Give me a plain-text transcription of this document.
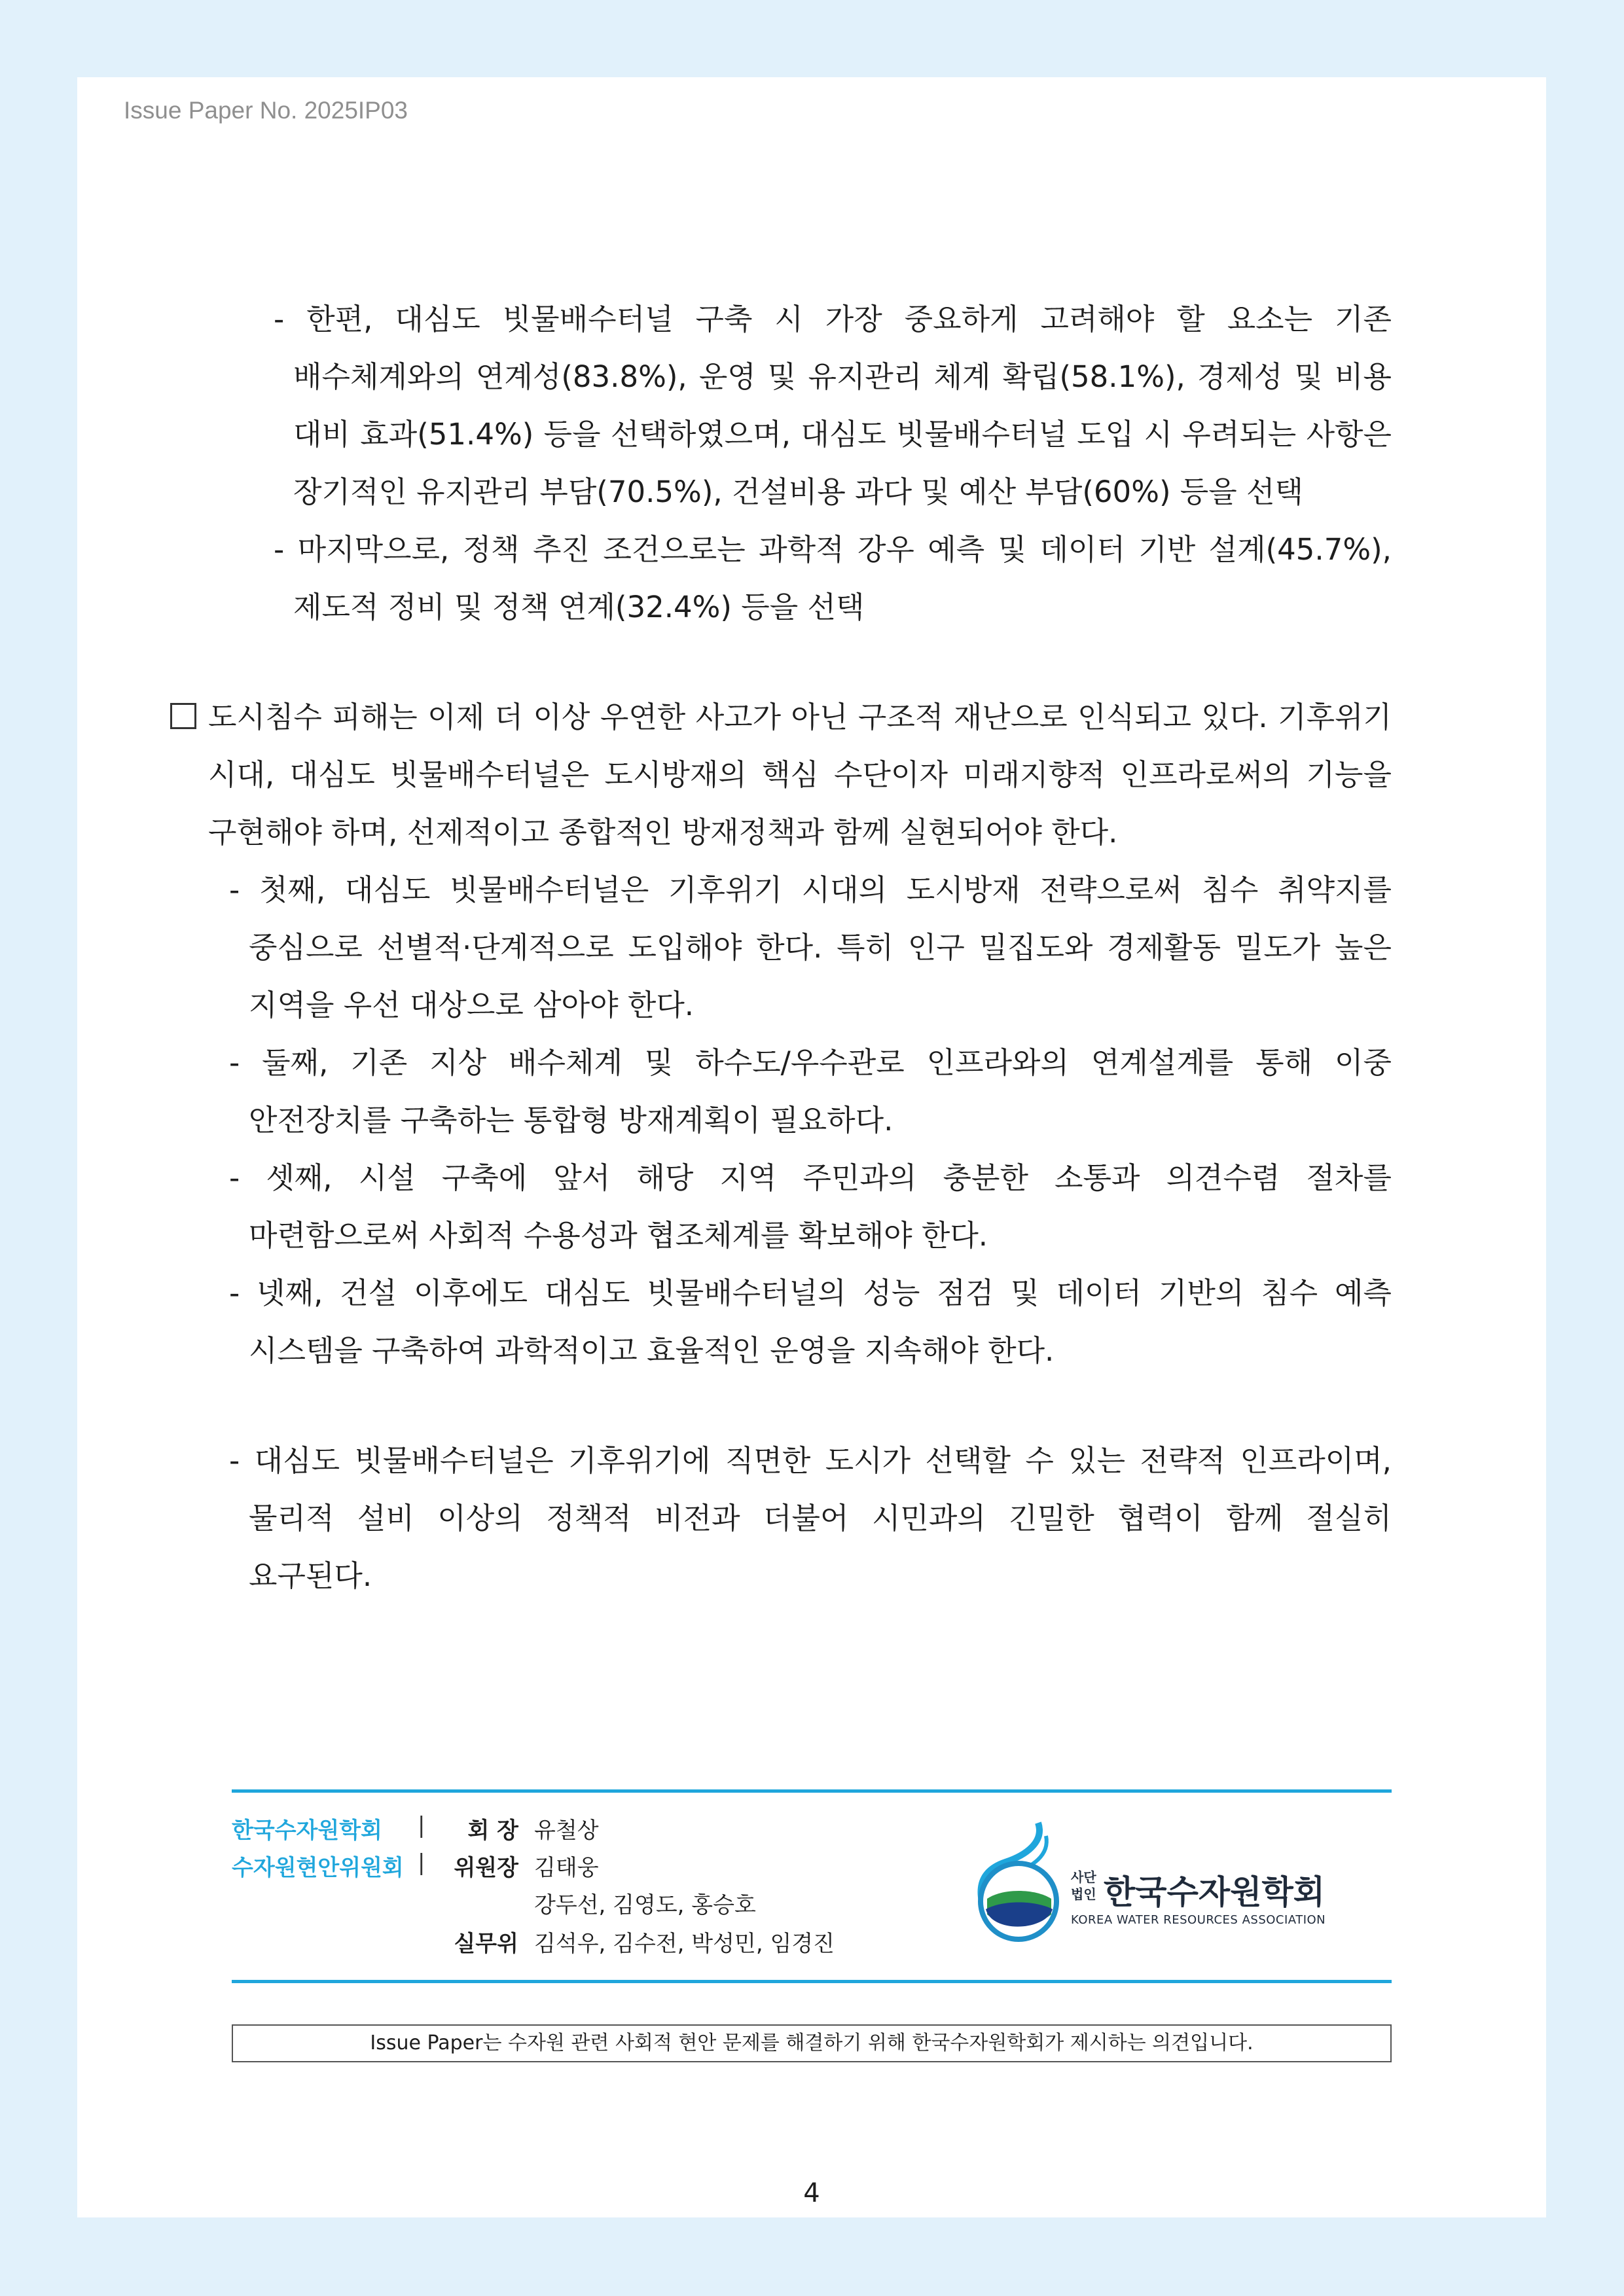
Issue Paper No. 2025IP03
- 한편, 대심도 빗물배수터널 구축 시 가장 중요하게 고려해야 할 요소는 기존
배수체계와의 연계성(83.8%), 운영 및 유지관리 체계 확립(58.1%), 경제성 및 비용
대비 효과(51.4%) 등을 선택하였으며, 대심도 빗물배수터널 도입 시 우려되는 사항은
장기적인 유지관리 부담(70.5%), 건설비용 과다 및 예산 부담(60%) 등을 선택
- 마지막으로, 정책 추진 조건으로는 과학적 강우 예측 및 데이터 기반 설계(45.7%),
제도적 정비 및 정책 연계(32.4%) 등을 선택
도시침수 피해는 이제 더 이상 우연한 사고가 아닌 구조적 재난으로 인식되고 있다. 기후위기
시대, 대심도 빗물배수터널은 도시방재의 핵심 수단이자 미래지향적 인프라로써의 기능을
구현해야 하며, 선제적이고 종합적인 방재정책과 함께 실현되어야 한다.
- 첫째, 대심도 빗물배수터널은 기후위기 시대의 도시방재 전략으로써 침수 취약지를
중심으로 선별적·단계적으로 도입해야 한다. 특히 인구 밀집도와 경제활동 밀도가 높은
지역을 우선 대상으로 삼아야 한다.
- 둘째, 기존 지상 배수체계 및 하수도/우수관로 인프라와의 연계설계를 통해 이중
안전장치를 구축하는 통합형 방재계획이 필요하다.
- 셋째, 시설 구축에 앞서 해당 지역 주민과의 충분한 소통과 의견수렴 절차를
마련함으로써 사회적 수용성과 협조체계를 확보해야 한다.
- 넷째, 건설 이후에도 대심도 빗물배수터널의 성능 점검 및 데이터 기반의 침수 예측
시스템을 구축하여 과학적이고 효율적인 운영을 지속해야 한다.
- 대심도 빗물배수터널은 기후위기에 직면한 도시가 선택할 수 있는 전략적 인프라이며,
물리적 설비 이상의 정책적 비전과 더불어 시민과의 긴밀한 협력이 함께 절실히
요구된다.
한국수자원학회
수자원현안위원회
|
|
회 장 유철상
위원장 김태웅
강두선, 김영도, 홍승호
실무위 김석우, 김수전, 박성민, 임경진
사단
법인 한국수자원학회
KOREA WATER RESOURCES ASSOCIATION
Issue Paper는 수자원 관련 사회적 현안 문제를 해결하기 위해 한국수자원학회가 제시하는 의견입니다.
4
